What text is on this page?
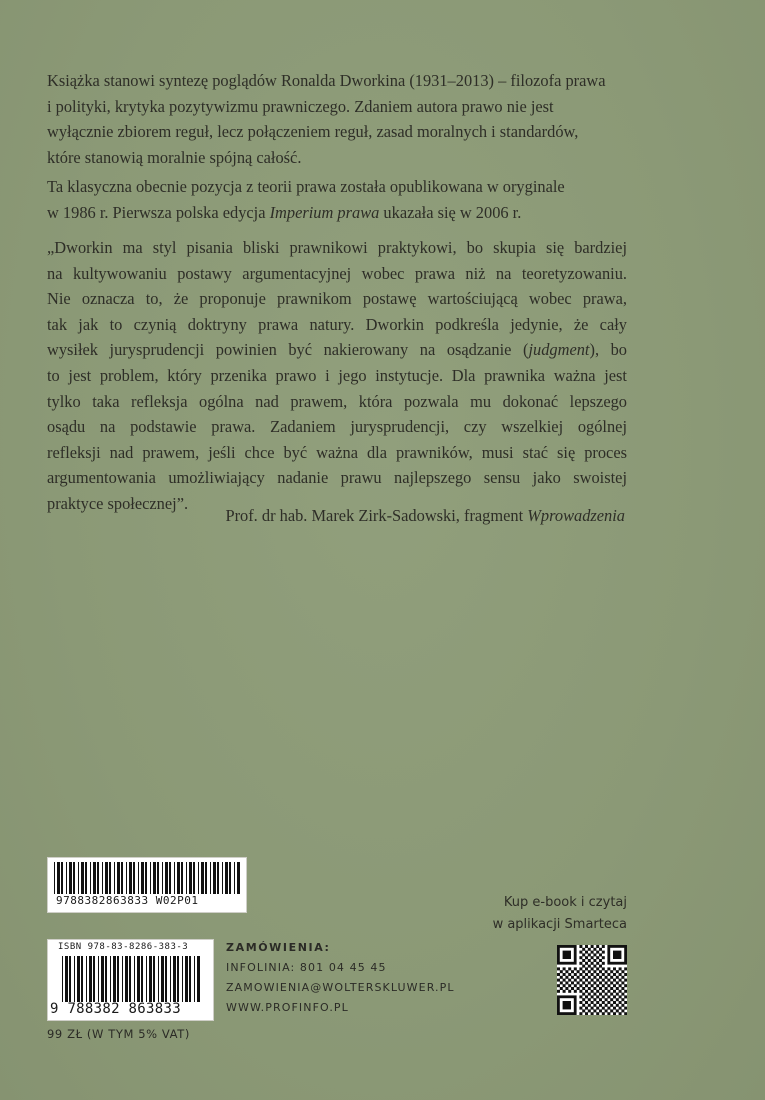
Książka stanowi syntezę poglądów Ronalda Dworkina (1931–2013) – filozofa prawa
i polityki, krytyka pozytywizmu prawniczego. Zdaniem autora prawo nie jest
wyłącznie zbiorem reguł, lecz połączeniem reguł, zasad moralnych i standardów,
które stanowią moralnie spójną całość.

Ta klasyczna obecnie pozycja z teorii prawa została opublikowana w oryginale
w 1986 r. Pierwsza polska edycja Imperium prawa ukazała się w 2006 r.

„Dworkin ma styl pisania bliski prawnikowi praktykowi, bo skupia się bardziej
na kultywowaniu postawy argumentacyjnej wobec prawa niż na teoretyzowaniu.
Nie oznacza to, że proponuje prawnikom postawę wartościującą wobec prawa,
tak jak to czynią doktryny prawa natury. Dworkin podkreśla jedynie, że cały
wysiłek jurysprudencji powinien być nakierowany na osądzanie (judgment), bo
to jest problem, który przenika prawo i jego instytucje. Dla prawnika ważna jest
tylko taka refleksja ogólna nad prawem, która pozwala mu dokonać lepszego
osądu na podstawie prawa. Zadaniem jurysprudencji, czy wszelkiej ogólnej
refleksji nad prawem, jeśli chce być ważna dla prawników, musi stać się proces
argumentowania umożliwiający nadanie prawu najlepszego sensu jako swoistej
praktyce społecznej”.
Prof. dr hab. Marek Zirk-Sadowski, fragment Wprowadzenia
9788382863833 W02P01
ISBN 978-83-8286-383-3
9 788382 863833
ZAMÓWIENIA:
INFOLINIA: 801 04 45 45
ZAMOWIENIA@WOLTERSKLUWER.PL
WWW.PROFINFO.PL
99 ZŁ (W TYM 5% VAT)
Kup e-book i czytaj
w aplikacji Smarteca
